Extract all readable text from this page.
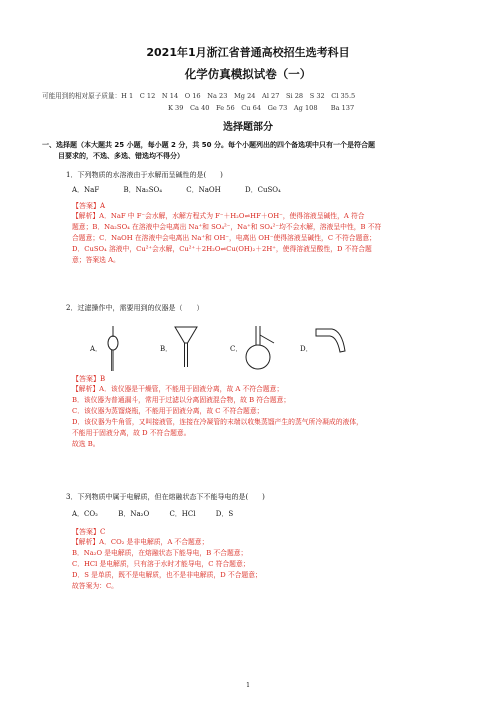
2021年1月浙江省普通高校招生选考科目
化学仿真模拟试卷（一）
可能用到的相对原子质量：H 1　C 12　N 14　O 16　Na 23　Mg 24　Al 27　Si 28　S 32　Cl 35.5
K 39　Ca 40　Fe 56　Cu 64　Ge 73　Ag 108　　Ba 137
选择题部分
一、选择题（本大题共 25 小题，每小题 2 分，共 50 分。每个小题列出的四个备选项中只有一个是符合题
目要求的，不选、多选、错选均不得分）
1．下列物质的水溶液由于水解而呈碱性的是(　　)
A．NaF	B．Na₂SO₄	C．NaOH	D．CuSO₄
【答案】A

【解析】A．NaF 中 F⁻会水解，水解方程式为 F⁻＋H₂O⇌HF＋OH⁻，使得溶液呈碱性，A 符合

题意；B．Na₂SO₄ 在溶液中会电离出 Na⁺和 SO₄²⁻，Na⁺和 SO₄²⁻均不会水解，溶液呈中性，B 不符

合题意；C．NaOH 在溶液中会电离出 Na⁺和 OH⁻，电离出 OH⁻使得溶液呈碱性，C 不符合题意；

D．CuSO₄ 溶液中，Cu²⁺会水解，Cu²⁺＋2H₂O⇌Cu(OH)₂＋2H⁺，使得溶液呈酸性，D 不符合题

意；答案选 A。

2．过滤操作中，需要用到的仪器是（　　）
A．	B．	C．	D．
【答案】B

【解析】A．该仪器是干燥管，不能用于固液分离，故 A 不符合题意；

B．该仪器为普通漏斗，常用于过滤以分离固液混合物，故 B 符合题意；

C．该仪器为蒸馏烧瓶，不能用于固液分离，故 C 不符合题意；

D．该仪器为牛角管，又叫接液管，连接在冷凝管的末端以收集蒸馏产生的蒸气所冷凝成的液体，

不能用于固液分离，故 D 不符合题意。

故选 B。

3．下列物质中属于电解质，但在熔融状态下不能导电的是(　　)
A．CO₂	B．Na₂O	C．HCl	D．S
【答案】C

【解析】A．CO₂ 是非电解质，A 不合题意；

B．Na₂O 是电解质，在熔融状态下能导电，B 不合题意；

C．HCl 是电解质，只有溶于水时才能导电，C 符合题意；

D．S 是单质，既不是电解质，也不是非电解质，D 不合题意；

故答案为：C。

1
